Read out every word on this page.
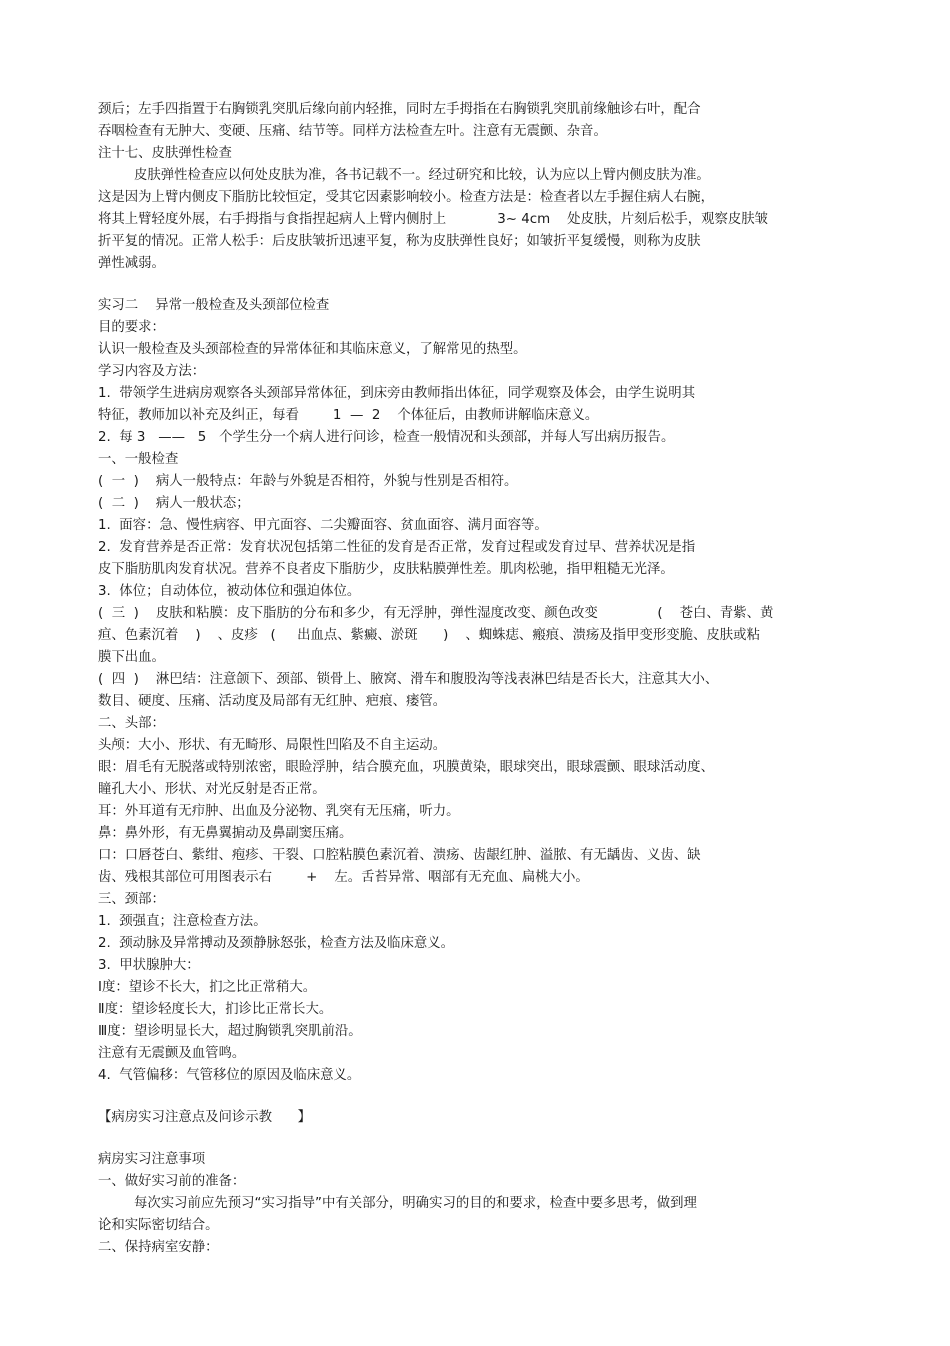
颈后；左手四指置于右胸锁乳突肌后缘向前内轻推，同时左手拇指在右胸锁乳突肌前缘触诊右叶，配合
吞咽检查有无肿大、变硬、压痛、结节等。同样方法检查左叶。注意有无震颤、杂音。
注十七、皮肤弹性检查
皮肤弹性检查应以何处皮肤为准，各书记载不一。经过研究和比较，认为应以上臂内侧皮肤为准。
这是因为上臂内侧皮下脂肪比较恒定，受其它因素影响较小。检查方法是：检查者以左手握住病人右腕，
将其上臂轻度外展，右手拇指与食指捏起病人上臂内侧肘上            3~ 4cm    处皮肤，片刻后松手，观察皮肤皱
折平复的情况。正常人松手：后皮肤皱折迅速平复，称为皮肤弹性良好；如皱折平复缓慢，则称为皮肤
弹性减弱。
实习二    异常一般检查及头颈部位检查
目的要求：
认识一般检查及头颈部检查的异常体征和其临床意义，了解常见的热型。
学习内容及方法：
1.  带领学生进病房观察各头颈部异常体征，到床旁由教师指出体征，同学观察及体会，由学生说明其
特征，教师加以补充及纠正，每看        1  —  2    个体征后，由教师讲解临床意义。
2.  每 3   ——   5   个学生分一个病人进行问诊，检查一般情况和头颈部，并每人写出病历报告。
一、一般检查
(  一  )    病人一般特点：年龄与外貌是否相符，外貌与性别是否相符。
(  二  )    病人一般状态；
1.  面容：急、慢性病容、甲亢面容、二尖瓣面容、贫血面容、满月面容等。
2.  发育营养是否正常：发育状况包括第二性征的发育是否正常，发育过程或发育过早、营养状况是指
皮下脂肪肌肉发育状况。营养不良者皮下脂肪少，皮肤粘膜弹性差。肌肉松驰，指甲粗糙无光泽。
3.  体位；自动体位，被动体位和强迫体位。
(  三  )    皮肤和粘膜：皮下脂肪的分布和多少，有无浮肿，弹性湿度改变、颜色改变              (    苍白、青紫、黄
疸、色素沉着    )    、皮疹   (     出血点、紫癜、淤斑      )    、蜘蛛痣、瘢痕、溃疡及指甲变形变脆、皮肤或粘
膜下出血。
(  四  )    淋巴结：注意颌下、颈部、锁骨上、腋窝、滑车和腹股沟等浅表淋巴结是否长大，注意其大小、
数目、硬度、压痛、活动度及局部有无红肿、疤痕、瘘管。
二、头部：
头颅：大小、形状、有无畸形、局限性凹陷及不自主运动。
眼：眉毛有无脱落或特别浓密，眼睑浮肿，结合膜充血，巩膜黄染，眼球突出，眼球震颤、眼球活动度、
瞳孔大小、形状、对光反射是否正常。
耳：外耳道有无疖肿、出血及分泌物、乳突有无压痛，听力。
鼻：鼻外形，有无鼻翼掮动及鼻副窦压痛。
口：口唇苍白、紫绀、疱疹、干裂、口腔粘膜色素沉着、溃疡、齿龈红肿、溢脓、有无龋齿、义齿、缺
齿、残根其部位可用图表示右        +    左。舌苔异常、咽部有无充血、扁桃大小。
三、颈部：
1.  颈强直；注意检查方法。
2.  颈动脉及异常搏动及颈静脉怒张，检查方法及临床意义。
3.  甲状腺肿大：
Ⅰ度：望诊不长大，扪之比正常稍大。
Ⅱ度：望诊轻度长大，扪诊比正常长大。
Ⅲ度：望诊明显长大，超过胸锁乳突肌前沿。
注意有无震颤及血管鸣。
4.  气管偏移：气管移位的原因及临床意义。
【病房实习注意点及问诊示教      】
病房实习注意事项
一、做好实习前的准备：
每次实习前应先预习“实习指导”中有关部分，明确实习的目的和要求，检查中要多思考，做到理
论和实际密切结合。
二、保持病室安静：
